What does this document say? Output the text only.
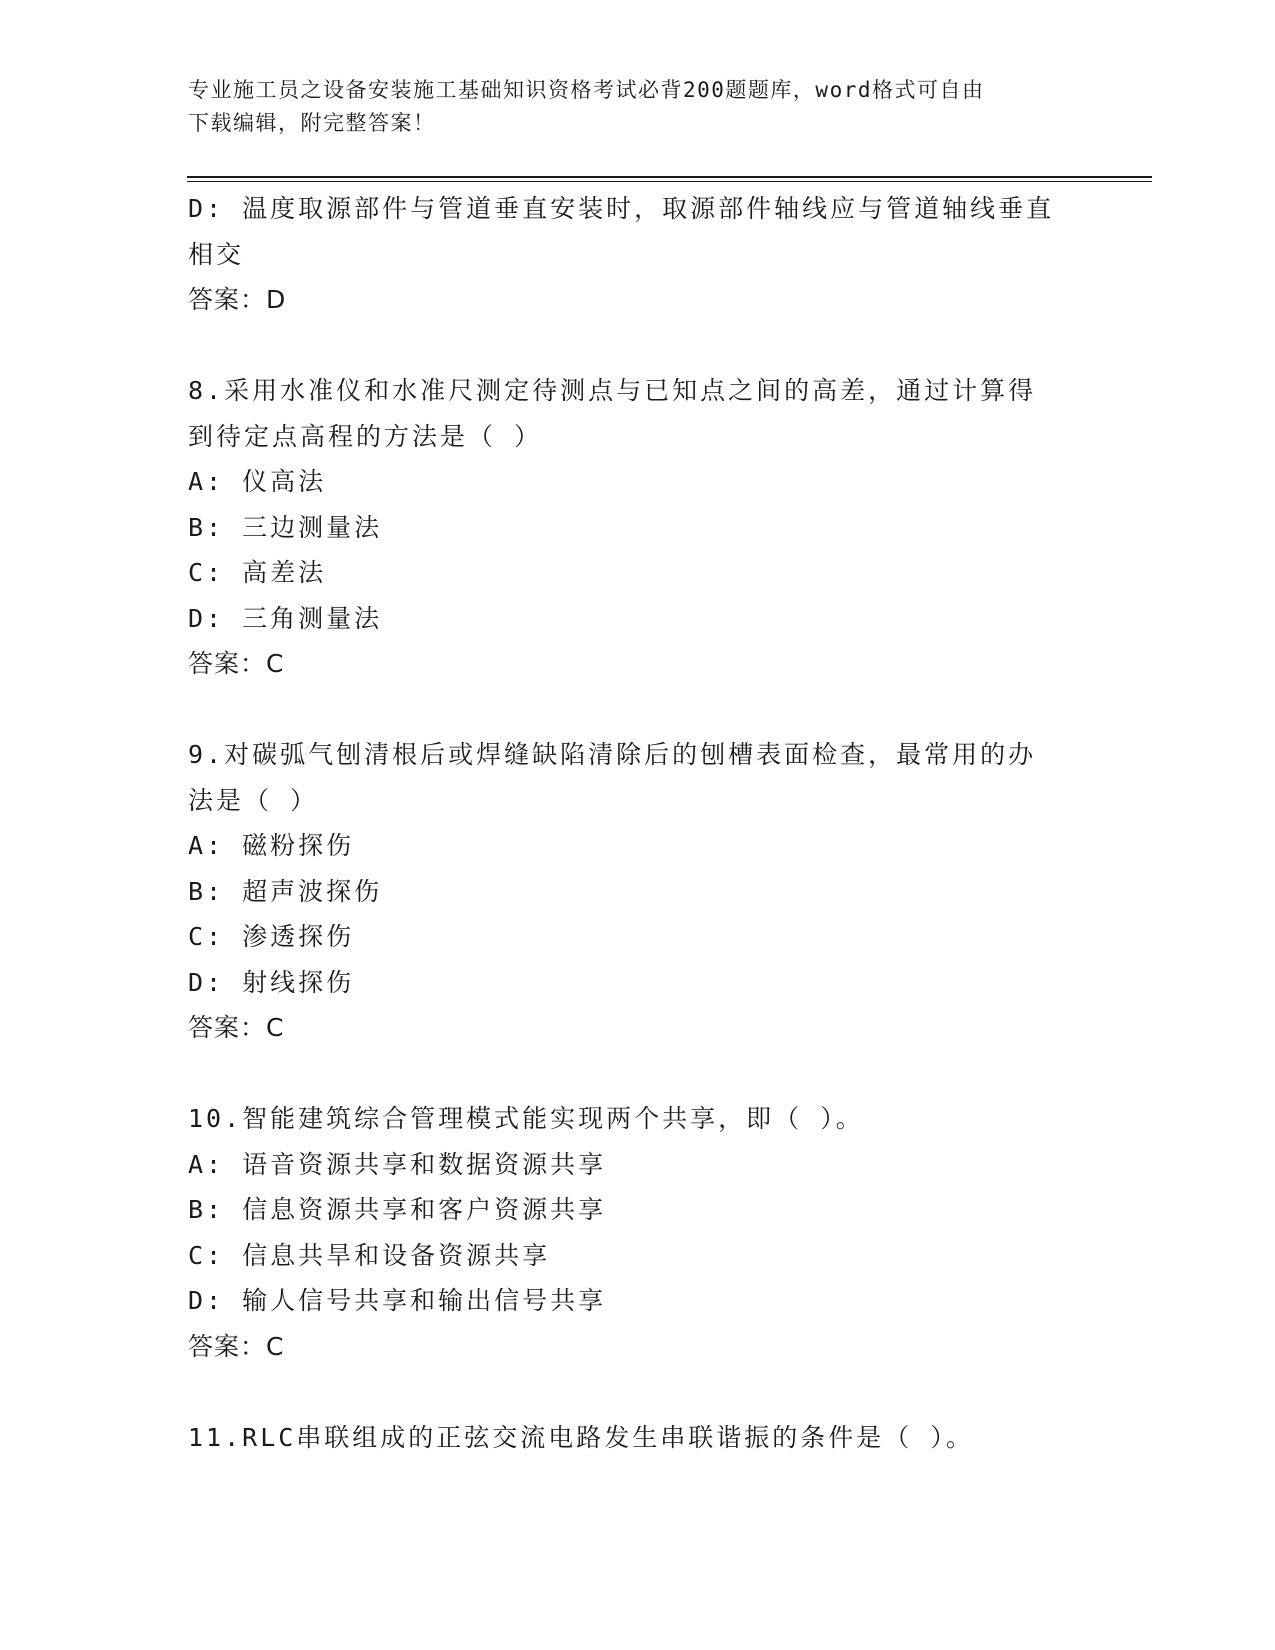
专业施工员之设备安装施工基础知识资格考试必背200题题库，word格式可自由
下载编辑，附完整答案！
D: 温度取源部件与管道垂直安装时，取源部件轴线应与管道轴线垂直
相交
答案：D
8.采用水准仪和水准尺测定待测点与已知点之间的高差，通过计算得
到待定点高程的方法是（ ）
A: 仪高法
B: 三边测量法
C: 高差法
D: 三角测量法
答案：C
9.对碳弧气刨清根后或焊缝缺陷清除后的刨槽表面检查，最常用的办
法是（ ）
A: 磁粉探伤
B: 超声波探伤
C: 渗透探伤
D: 射线探伤
答案：C
10.智能建筑综合管理模式能实现两个共享，即（ ）。
A: 语音资源共享和数据资源共享
B: 信息资源共享和客户资源共享
C: 信息共旱和设备资源共享
D: 输人信号共享和输出信号共享
答案：C
11.RLC串联组成的正弦交流电路发生串联谐振的条件是（ ）。
